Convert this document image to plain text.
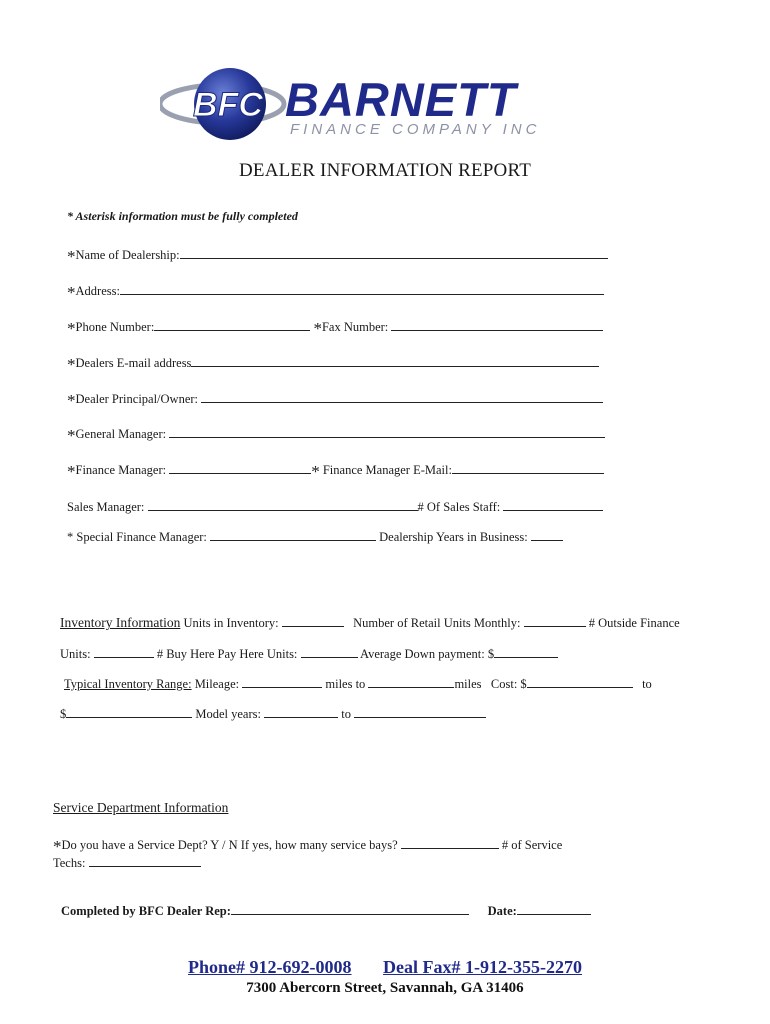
BFC BARNETT
FINANCE COMPANY INC
DEALER INFORMATION REPORT
* Asterisk information must be fully completed
*Name of Dealership:
*Address:
*Phone Number:	*Fax Number:
*Dealers E-mail address
*Dealer Principal/Owner:
*General Manager:
*Finance Manager:	* Finance Manager E-Mail:
Sales Manager:	# Of Sales Staff:
* Special Finance Manager:	Dealership Years in Business:
Inventory Information Units in Inventory:	Number of Retail Units Monthly:	# Outside Finance
Units:	# Buy Here Pay Here Units:	Average Down payment: $
Typical Inventory Range: Mileage:	miles to	miles Cost: $	to
$	Model years:	to
Service Department Information
*Do you have a Service Dept? Y / N If yes, how many service bays?	# of Service
Techs:
Completed by BFC Dealer Rep:	Date:
Phone# 912-692-0008 Deal Fax# 1-912-355-2270
7300 Abercorn Street, Savannah, GA 31406
